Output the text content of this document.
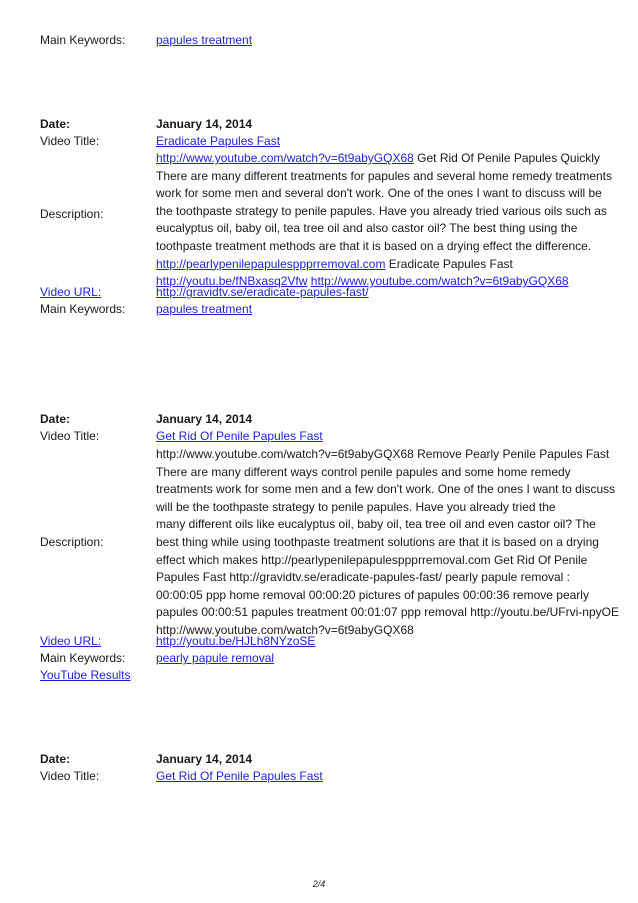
Main Keywords:	papules treatment
Date:	January 14, 2014
Video Title:	Eradicate Papules Fast
Description:
http://www.youtube.com/watch?v=6t9abyGQX68 Get Rid Of Penile Papules Quickly
There are many different treatments for papules and several home remedy treatments
work for some men and several don't work. One of the ones I want to discuss will be
the toothpaste strategy to penile papules. Have you already tried various oils such as
eucalyptus oil, baby oil, tea tree oil and also castor oil? The best thing using the
toothpaste treatment methods are that it is based on a drying effect the difference.
http://pearlypenilepapulesppprremoval.com Eradicate Papules Fast
http://youtu.be/fNBxasq2Vfw http://www.youtube.com/watch?v=6t9abyGQX68
Video URL:	http://gravidtv.se/eradicate-papules-fast/
Main Keywords:	papules treatment
Date:	January 14, 2014
Video Title:	Get Rid Of Penile Papules Fast
Description:
http://www.youtube.com/watch?v=6t9abyGQX68 Remove Pearly Penile Papules Fast
There are many different ways control penile papules and some home remedy
treatments work for some men and a few don't work. One of the ones I want to discuss
will be the toothpaste strategy to penile papules. Have you already tried the
many different oils like eucalyptus oil, baby oil, tea tree oil and even castor oil? The
best thing while using toothpaste treatment solutions are that it is based on a drying
effect which makes http://pearlypenilepapulesppprremoval.com Get Rid Of Penile
Papules Fast http://gravidtv.se/eradicate-papules-fast/ pearly papule removal :
00:00:05 ppp home removal 00:00:20 pictures of papules 00:00:36 remove pearly
papules 00:00:51 papules treatment 00:01:07 ppp removal http://youtu.be/UFrvi-npyOE
http://www.youtube.com/watch?v=6t9abyGQX68
Video URL:	http://youtu.be/HJLh8NYzoSE
Main Keywords:	pearly papule removal
YouTube Results
Date:	January 14, 2014
Video Title:	Get Rid Of Penile Papules Fast
2/4
